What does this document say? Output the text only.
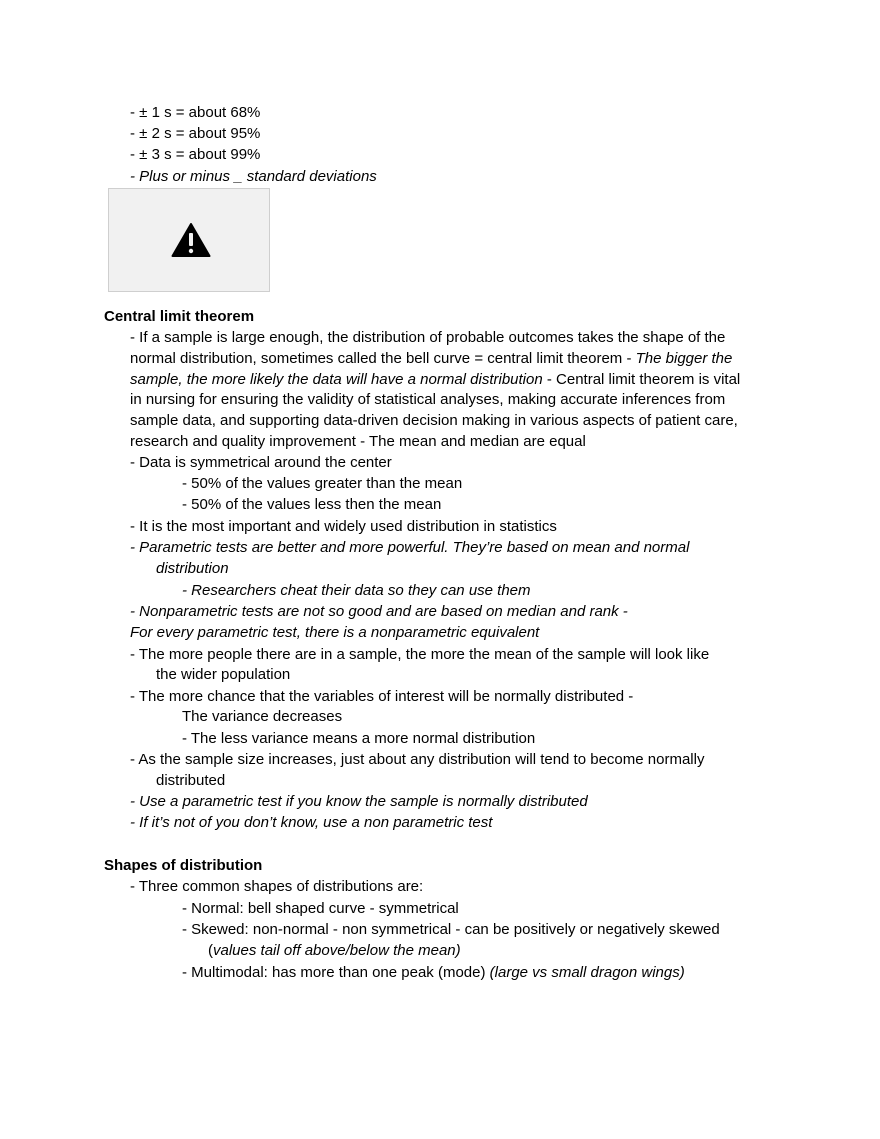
- ± 1 s = about 68%
- ± 2 s = about 95%
- ± 3 s = about 99%
- Plus or minus _ standard deviations
Central limit theorem
- If a sample is large enough, the distribution of probable outcomes takes the shape of the
normal distribution, sometimes called the bell curve = central limit theorem - The bigger the
sample, the more likely the data will have a normal distribution - Central limit theorem is vital
in nursing for ensuring the validity of statistical analyses, making accurate inferences from
sample data, and supporting data-driven decision making in various aspects of patient care,
research and quality improvement - The mean and median are equal
- Data is symmetrical around the center
- 50% of the values greater than the mean
- 50% of the values less then the mean
- It is the most important and widely used distribution in statistics
- Parametric tests are better and more powerful. They’re based on mean and normal
distribution
- Researchers cheat their data so they can use them
- Nonparametric tests are not so good and are based on median and rank -
For every parametric test, there is a nonparametric equivalent
- The more people there are in a sample, the more the mean of the sample will look like
the wider population
- The more chance that the variables of interest will be normally distributed -
The variance decreases
- The less variance means a more normal distribution
- As the sample size increases, just about any distribution will tend to become normally
distributed
- Use a parametric test if you know the sample is normally distributed
- If it’s not of you don’t know, use a non parametric test
Shapes of distribution
- Three common shapes of distributions are:
- Normal: bell shaped curve - symmetrical
- Skewed: non-normal - non symmetrical - can be positively or negatively skewed
(values tail off above/below the mean)
- Multimodal: has more than one peak (mode) (large vs small dragon wings)
